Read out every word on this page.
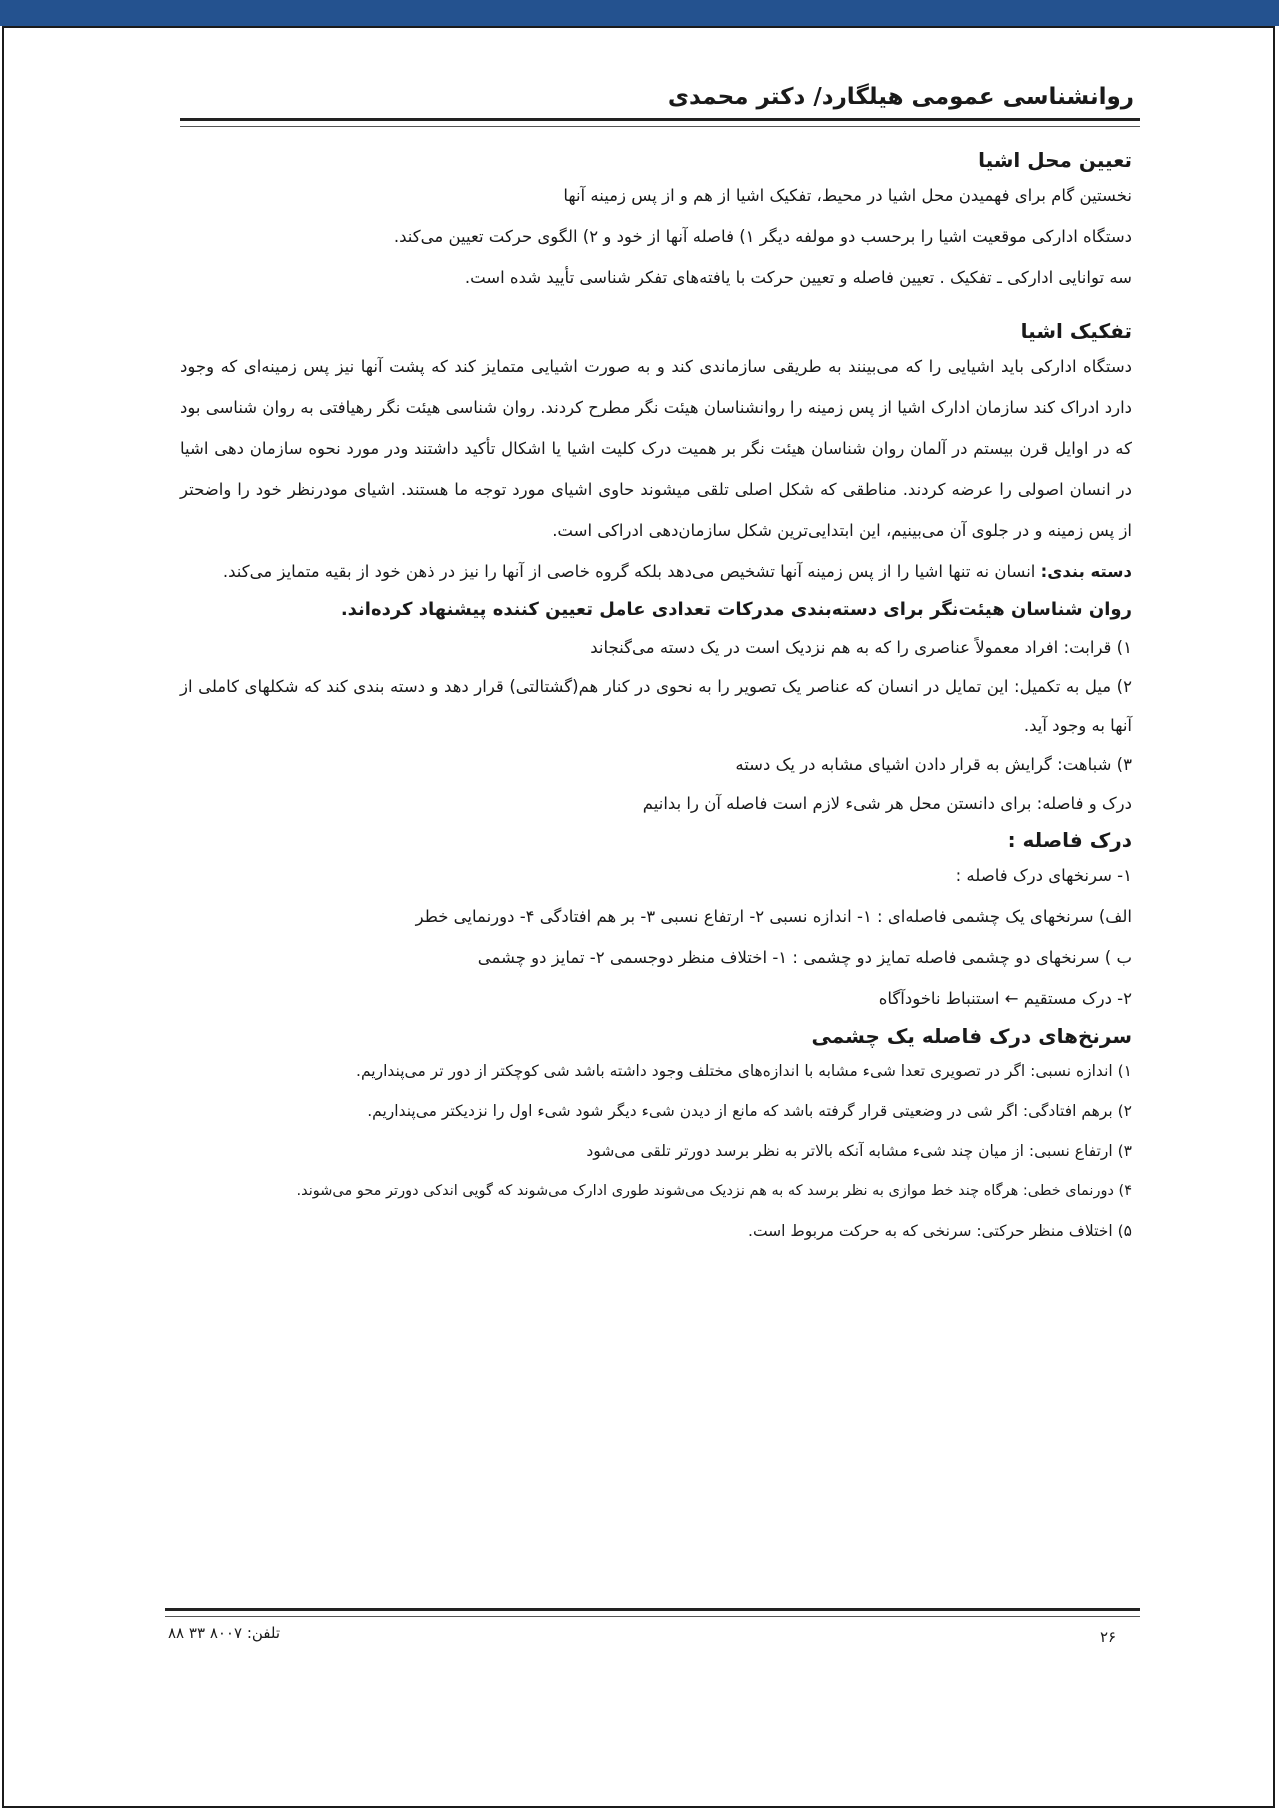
روانشناسی عمومی هیلگارد/ دکتر محمدی
تعیین محل اشیا

نخستین گام برای فهمیدن محل اشیا در محیط، تفکیک اشیا از هم و از پس زمینه آنها

دستگاه ادارکی موقعیت اشیا را برحسب دو مولفه دیگر ۱) فاصله آنها از خود و ۲) الگوی حرکت تعیین می‌کند.

سه توانایی ادارکی ـ تفکیک . تعیین فاصله و تعیین حرکت با یافته‌های تفکر شناسی تأیید شده است.

تفکیک اشیا

دستگاه ادارکی باید اشیایی را که می‌بینند به طریقی سازماندی کند و به صورت اشیایی متمایز کند که پشت آنها نیز پس زمینه‌ای که وجود دارد ادراک کند سازمان ادارک اشیا از پس زمینه را روانشناسان هیئت نگر مطرح کردند. روان شناسی هیئت نگر رهیافتی به روان شناسی بود که در اوایل قرن بیستم در آلمان روان شناسان هیئت نگر بر همیت درک کلیت اشیا یا اشکال تأکید داشتند ودر مورد نحوه سازمان دهی اشیا در انسان اصولی را عرضه کردند. مناطقی که شکل اصلی تلقی میشوند حاوی اشیای مورد توجه ما هستند. اشیای مودرنظر خود را واضحتر از پس زمینه و در جلوی آن می‌بینیم، این ابتدایی‌ترین شکل سازمان‌دهی ادراکی است.

دسته بندی: انسان نه تنها اشیا را از پس زمینه آنها تشخیص می‌دهد بلکه گروه خاصی از آنها را نیز در ذهن خود از بقیه متمایز می‌کند.

روان شناسان هیئت‌نگر برای دسته‌بندی مدرکات تعدادی عامل تعیین کننده پیشنهاد کرده‌اند.

۱) قرابت: افراد معمولاً عناصری را که به هم نزدیک است در یک دسته می‌گنجاند

۲) میل به تکمیل: این تمایل در انسان که عناصر یک تصویر را به نحوی در کنار هم(گشتالتی) قرار دهد و دسته بندی کند که شکلهای کاملی از آنها به وجود آید.

۳) شباهت: گرایش به قرار دادن اشیای مشابه در یک دسته

درک و فاصله: برای دانستن محل هر شیء لازم است فاصله آن را بدانیم

درک فاصله :

۱- سرنخهای درک فاصله :

الف) سرنخهای یک چشمی فاصله‌ای : ۱- اندازه نسبی ۲- ارتفاع نسبی ۳- بر هم افتادگی ۴- دورنمایی خطر

ب ) سرنخهای دو چشمی فاصله تمایز دو چشمی : ۱- اختلاف منظر دوجسمی ۲- تمایز دو چشمی

۲- درک مستقیم ← استنباط ناخودآگاه

سرنخ‌های درک فاصله یک چشمی

۱) اندازه نسبی: اگر در تصویری تعدا شیء مشابه با اندازه‌های مختلف وجود داشته باشد شی کوچکتر از دور تر می‌پنداریم.

۲) برهم افتادگی: اگر شی در وضعیتی قرار گرفته باشد که مانع از دیدن شیء دیگر شود شیء اول را نزدیکتر می‌پنداریم.

۳) ارتفاع نسبی: از میان چند شیء مشابه آنکه بالاتر به نظر برسد دورتر تلقی می‌شود

۴) دورنمای خطی: هرگاه چند خط موازی به نظر برسد که به هم نزدیک می‌شوند طوری ادارک می‌شوند که گویی اندکی دورتر محو می‌شوند.

۵) اختلاف منظر حرکتی: سرنخی که به حرکت مربوط است.

۲۶
تلفن: ۸۰۰۷ ۳۳ ۸۸
